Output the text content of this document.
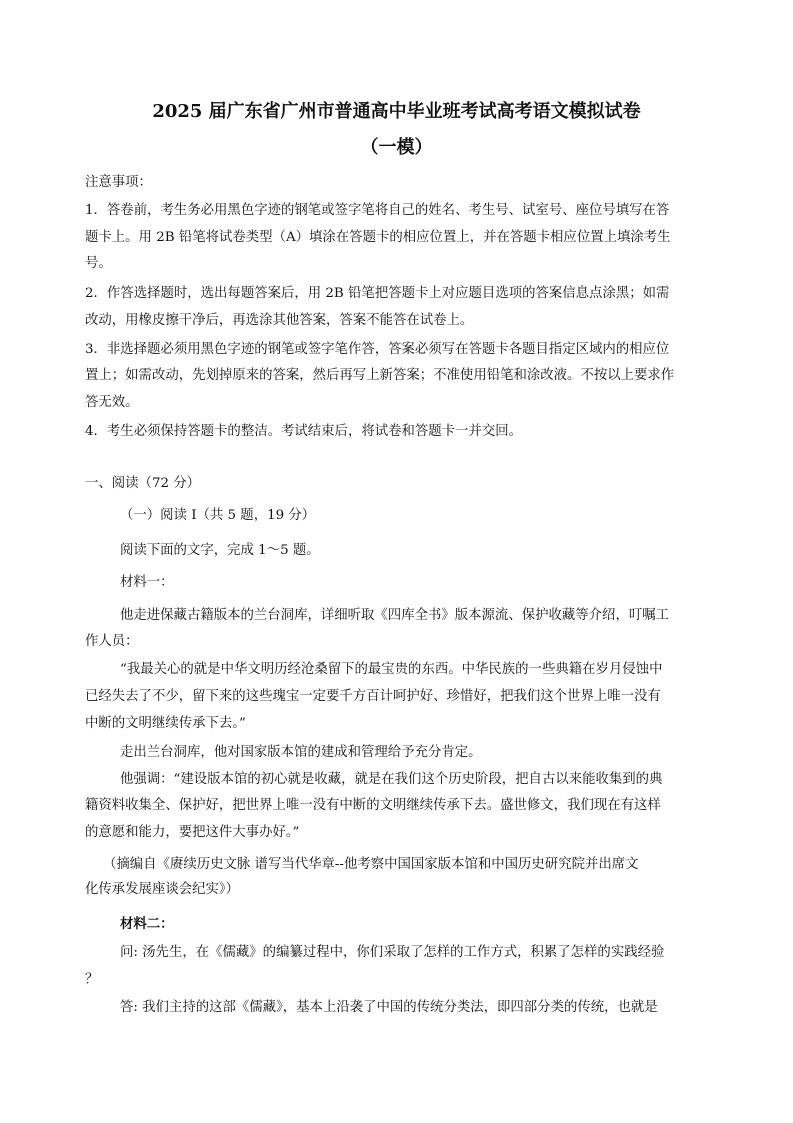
2025 届广东省广州市普通高中毕业班考试高考语文模拟试卷
（一模）
注意事项：
1．答卷前，考生务必用黑色字迹的钢笔或签字笔将自己的姓名、考生号、试室号、座位号填写在答
题卡上。用 2B 铅笔将试卷类型（A）填涂在答题卡的相应位置上，并在答题卡相应位置上填涂考生
号。
2．作答选择题时，选出每题答案后，用 2B 铅笔把答题卡上对应题目选项的答案信息点涂黑；如需
改动，用橡皮擦干净后，再选涂其他答案，答案不能答在试卷上。
3．非选择题必须用黑色字迹的钢笔或签字笔作答，答案必须写在答题卡各题目指定区域内的相应位
置上；如需改动，先划掉原来的答案，然后再写上新答案；不准使用铅笔和涂改液。不按以上要求作
答无效。
4．考生必须保持答题卡的整洁。考试结束后，将试卷和答题卡一并交回。
一、阅读（72 分）
（一）阅读 I（共 5 题，19 分）
阅读下面的文字，完成 1～5 题。
材料一：
他走进保藏古籍版本的兰台洞库，详细听取《四库全书》版本源流、保护收藏等介绍，叮嘱工
作人员：
“我最关心的就是中华文明历经沧桑留下的最宝贵的东西。中华民族的一些典籍在岁月侵蚀中
已经失去了不少，留下来的这些瑰宝一定要千方百计呵护好、珍惜好，把我们这个世界上唯一没有
中断的文明继续传承下去。”
走出兰台洞库，他对国家版本馆的建成和管理给予充分肯定。
他强调：“建设版本馆的初心就是收藏，就是在我们这个历史阶段，把自古以来能收集到的典
籍资料收集全、保护好，把世界上唯一没有中断的文明继续传承下去。盛世修文，我们现在有这样
的意愿和能力，要把这件大事办好。”
（摘编自《赓续历史文脉 谱写当代华章--他考察中国国家版本馆和中国历史研究院并出席文
化传承发展座谈会纪实》）
材料二：
问: 汤先生，在《儒藏》的编纂过程中，你们采取了怎样的工作方式，积累了怎样的实践经验
？
答: 我们主持的这部《儒藏》，基本上沿袭了中国的传统分类法，即四部分类的传统，也就是
